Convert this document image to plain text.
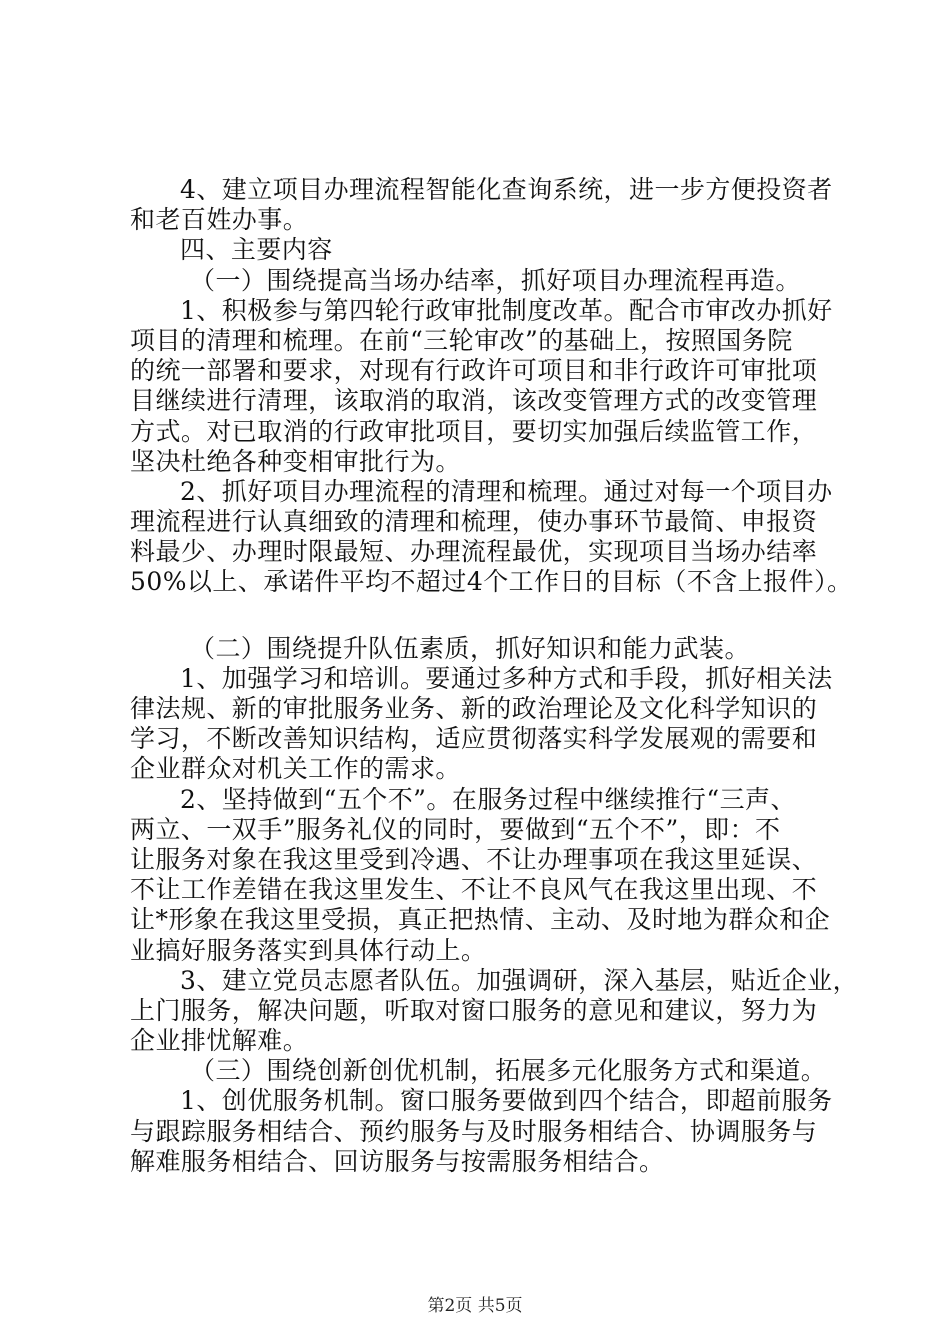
4、建立项目办理流程智能化查询系统，进一步方便投资者
和老百姓办事。
四、主要内容
（一）围绕提高当场办结率，抓好项目办理流程再造。
1、积极参与第四轮行政审批制度改革。配合市审改办抓好
项目的清理和梳理。在前“三轮审改”的基础上，按照国务院
的统一部署和要求，对现有行政许可项目和非行政许可审批项
目继续进行清理，该取消的取消，该改变管理方式的改变管理
方式。对已取消的行政审批项目，要切实加强后续监管工作，
坚决杜绝各种变相审批行为。
2、抓好项目办理流程的清理和梳理。通过对每一个项目办
理流程进行认真细致的清理和梳理，使办事环节最简、申报资
料最少、办理时限最短、办理流程最优，实现项目当场办结率
50%以上、承诺件平均不超过4个工作日的目标（不含上报件）。
（二）围绕提升队伍素质，抓好知识和能力武装。
1、加强学习和培训。要通过多种方式和手段，抓好相关法
律法规、新的审批服务业务、新的政治理论及文化科学知识的
学习，不断改善知识结构，适应贯彻落实科学发展观的需要和
企业群众对机关工作的需求。
2、坚持做到“五个不”。在服务过程中继续推行“三声、
两立、一双手”服务礼仪的同时，要做到“五个不”，即：不
让服务对象在我这里受到冷遇、不让办理事项在我这里延误、
不让工作差错在我这里发生、不让不良风气在我这里出现、不
让*形象在我这里受损，真正把热情、主动、及时地为群众和企
业搞好服务落实到具体行动上。
3、建立党员志愿者队伍。加强调研，深入基层，贴近企业，
上门服务，解决问题，听取对窗口服务的意见和建议，努力为
企业排忧解难。
（三）围绕创新创优机制，拓展多元化服务方式和渠道。
1、创优服务机制。窗口服务要做到四个结合，即超前服务
与跟踪服务相结合、预约服务与及时服务相结合、协调服务与
解难服务相结合、回访服务与按需服务相结合。
第2页 共5页
